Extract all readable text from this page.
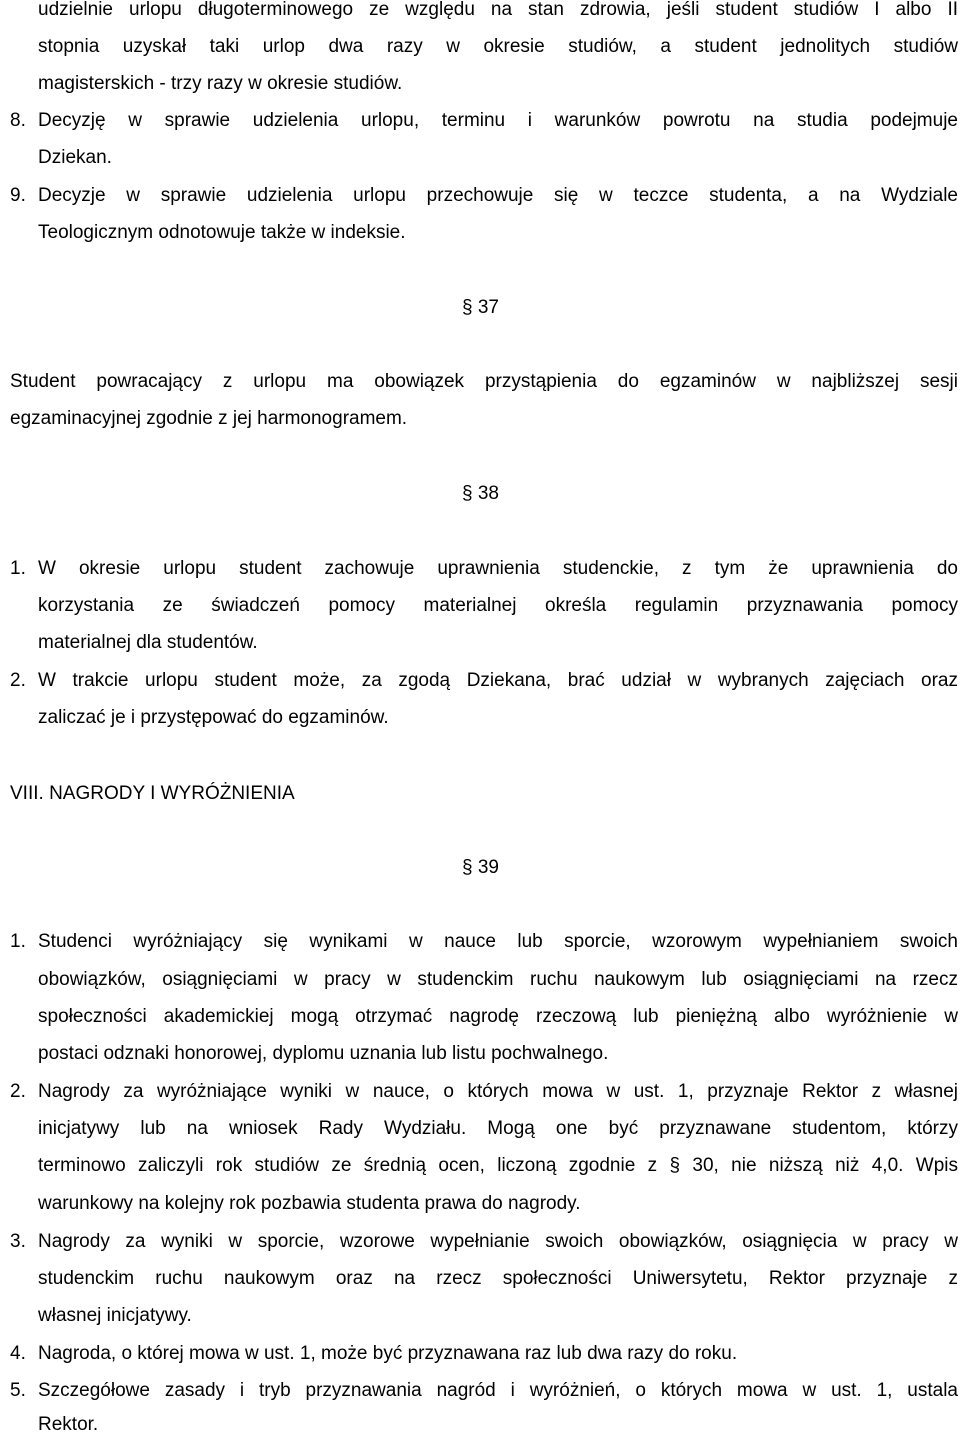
udzielnie urlopu długoterminowego ze względu na stan zdrowia, jeśli student studiów I albo II
stopnia uzyskał taki urlop dwa razy w okresie studiów, a student jednolitych studiów
magisterskich - trzy razy w okresie studiów.
8. Decyzję w sprawie udzielenia urlopu, terminu i warunków powrotu na studia podejmuje
Dziekan.
9. Decyzje w sprawie udzielenia urlopu przechowuje się w teczce studenta, a na Wydziale
Teologicznym odnotowuje także w indeksie.
§ 37
Student powracający z urlopu ma obowiązek przystąpienia do egzaminów w najbliższej sesji
egzaminacyjnej zgodnie z jej harmonogramem.
§ 38
1. W okresie urlopu student zachowuje uprawnienia studenckie, z tym że uprawnienia do
korzystania ze świadczeń pomocy materialnej określa regulamin przyznawania pomocy
materialnej dla studentów.
2. W trakcie urlopu student może, za zgodą Dziekana, brać udział w wybranych zajęciach oraz
zaliczać je i przystępować do egzaminów.
VIII. NAGRODY I WYRÓŻNIENIA
§ 39
1. Studenci wyróżniający się wynikami w nauce lub sporcie, wzorowym wypełnianiem swoich
obowiązków, osiągnięciami w pracy w studenckim ruchu naukowym lub osiągnięciami na rzecz
społeczności akademickiej mogą otrzymać nagrodę rzeczową lub pieniężną albo wyróżnienie w
postaci odznaki honorowej, dyplomu uznania lub listu pochwalnego.
2. Nagrody za wyróżniające wyniki w nauce, o których mowa w ust. 1, przyznaje Rektor z własnej
inicjatywy lub na wniosek Rady Wydziału. Mogą one być przyznawane studentom, którzy
terminowo zaliczyli rok studiów ze średnią ocen, liczoną zgodnie z § 30, nie niższą niż 4,0. Wpis
warunkowy na kolejny rok pozbawia studenta prawa do nagrody.
3. Nagrody za wyniki w sporcie, wzorowe wypełnianie swoich obowiązków, osiągnięcia w pracy w
studenckim ruchu naukowym oraz na rzecz społeczności Uniwersytetu, Rektor przyznaje z
własnej inicjatywy.
4. Nagroda, o której mowa w ust. 1, może być przyznawana raz lub dwa razy do roku.
5. Szczegółowe zasady i tryb przyznawania nagród i wyróżnień, o których mowa w ust. 1, ustala
Rektor.
